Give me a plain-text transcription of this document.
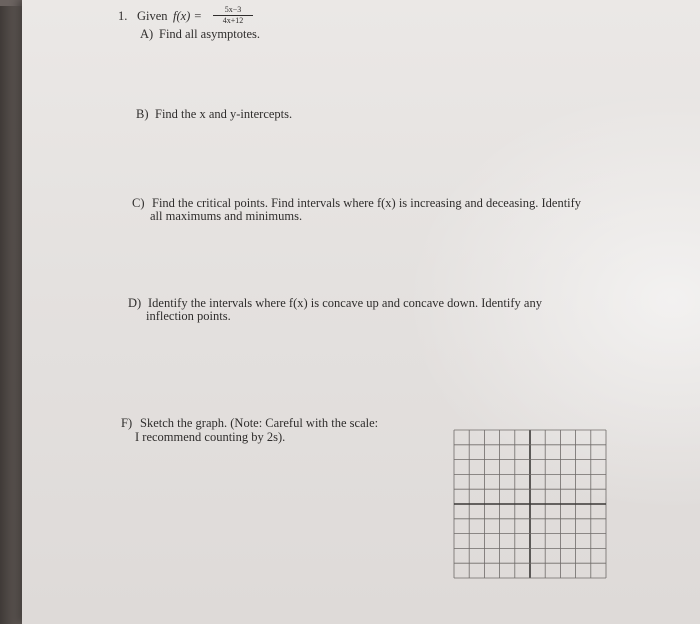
1. Given $f(x) = \frac{5x-3}{4x+12}$
A) Find all asymptotes.
B) Find the x and y-intercepts.
C) Find the critical points. Find intervals where f(x) is increasing and deceasing. Identify
all maximums and minimums.
D) Identify the intervals where f(x) is concave up and concave down. Identify any
inflection points.
F) Sketch the graph. (Note: Careful with the scale:
I recommend counting by 2s).
